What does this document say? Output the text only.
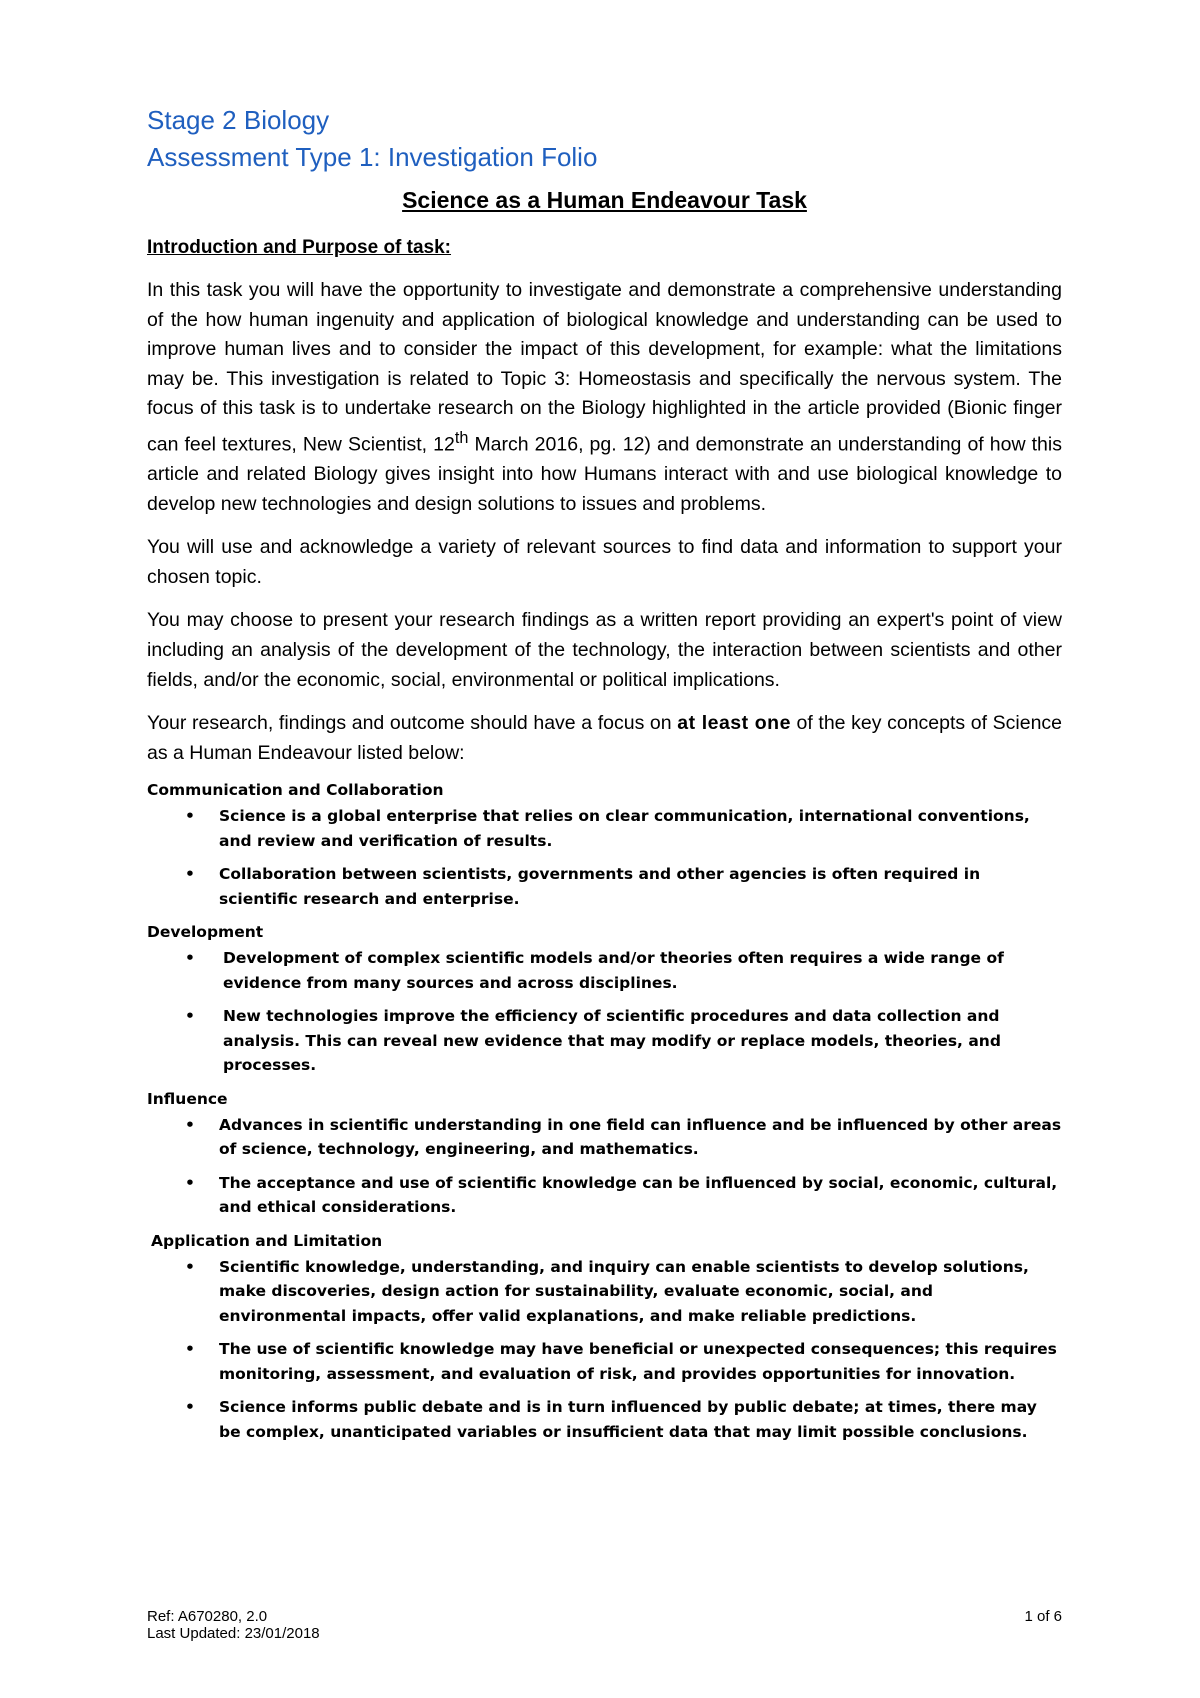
Stage 2 Biology
Assessment Type 1: Investigation Folio
Science as a Human Endeavour Task
Introduction and Purpose of task:

In this task you will have the opportunity to investigate and demonstrate a comprehensive understanding of the how human ingenuity and application of biological knowledge and understanding can be used to improve human lives and to consider the impact of this development, for example: what the limitations may be. This investigation is related to Topic 3: Homeostasis and specifically the nervous system. The focus of this task is to undertake research on the Biology highlighted in the article provided (Bionic finger can feel textures, New Scientist, 12th March 2016, pg. 12) and demonstrate an understanding of how this article and related Biology gives insight into how Humans interact with and use biological knowledge to develop new technologies and design solutions to issues and problems.

You will use and acknowledge a variety of relevant sources to find data and information to support your chosen topic.

You may choose to present your research findings as a written report providing an expert's point of view including an analysis of the development of the technology, the interaction between scientists and other fields, and/or the economic, social, environmental or political implications.

Your research, findings and outcome should have a focus on at least one of the key concepts of Science as a Human Endeavour listed below:

Communication and Collaboration
• Science is a global enterprise that relies on clear communication, international conventions, and review and verification of results.
• Collaboration between scientists, governments and other agencies is often required in scientific research and enterprise.
Development
• Development of complex scientific models and/or theories often requires a wide range of evidence from many sources and across disciplines.
• New technologies improve the efficiency of scientific procedures and data collection and analysis. This can reveal new evidence that may modify or replace models, theories, and processes.
Influence
• Advances in scientific understanding in one field can influence and be influenced by other areas of science, technology, engineering, and mathematics.
• The acceptance and use of scientific knowledge can be influenced by social, economic, cultural, and ethical considerations.
Application and Limitation
• Scientific knowledge, understanding, and inquiry can enable scientists to develop solutions, make discoveries, design action for sustainability, evaluate economic, social, and environmental impacts, offer valid explanations, and make reliable predictions.
• The use of scientific knowledge may have beneficial or unexpected consequences; this requires monitoring, assessment, and evaluation of risk, and provides opportunities for innovation.
• Science informs public debate and is in turn influenced by public debate; at times, there may be complex, unanticipated variables or insufficient data that may limit possible conclusions.
Ref: A670280, 2.0
Last Updated: 23/01/2018
1 of 6
